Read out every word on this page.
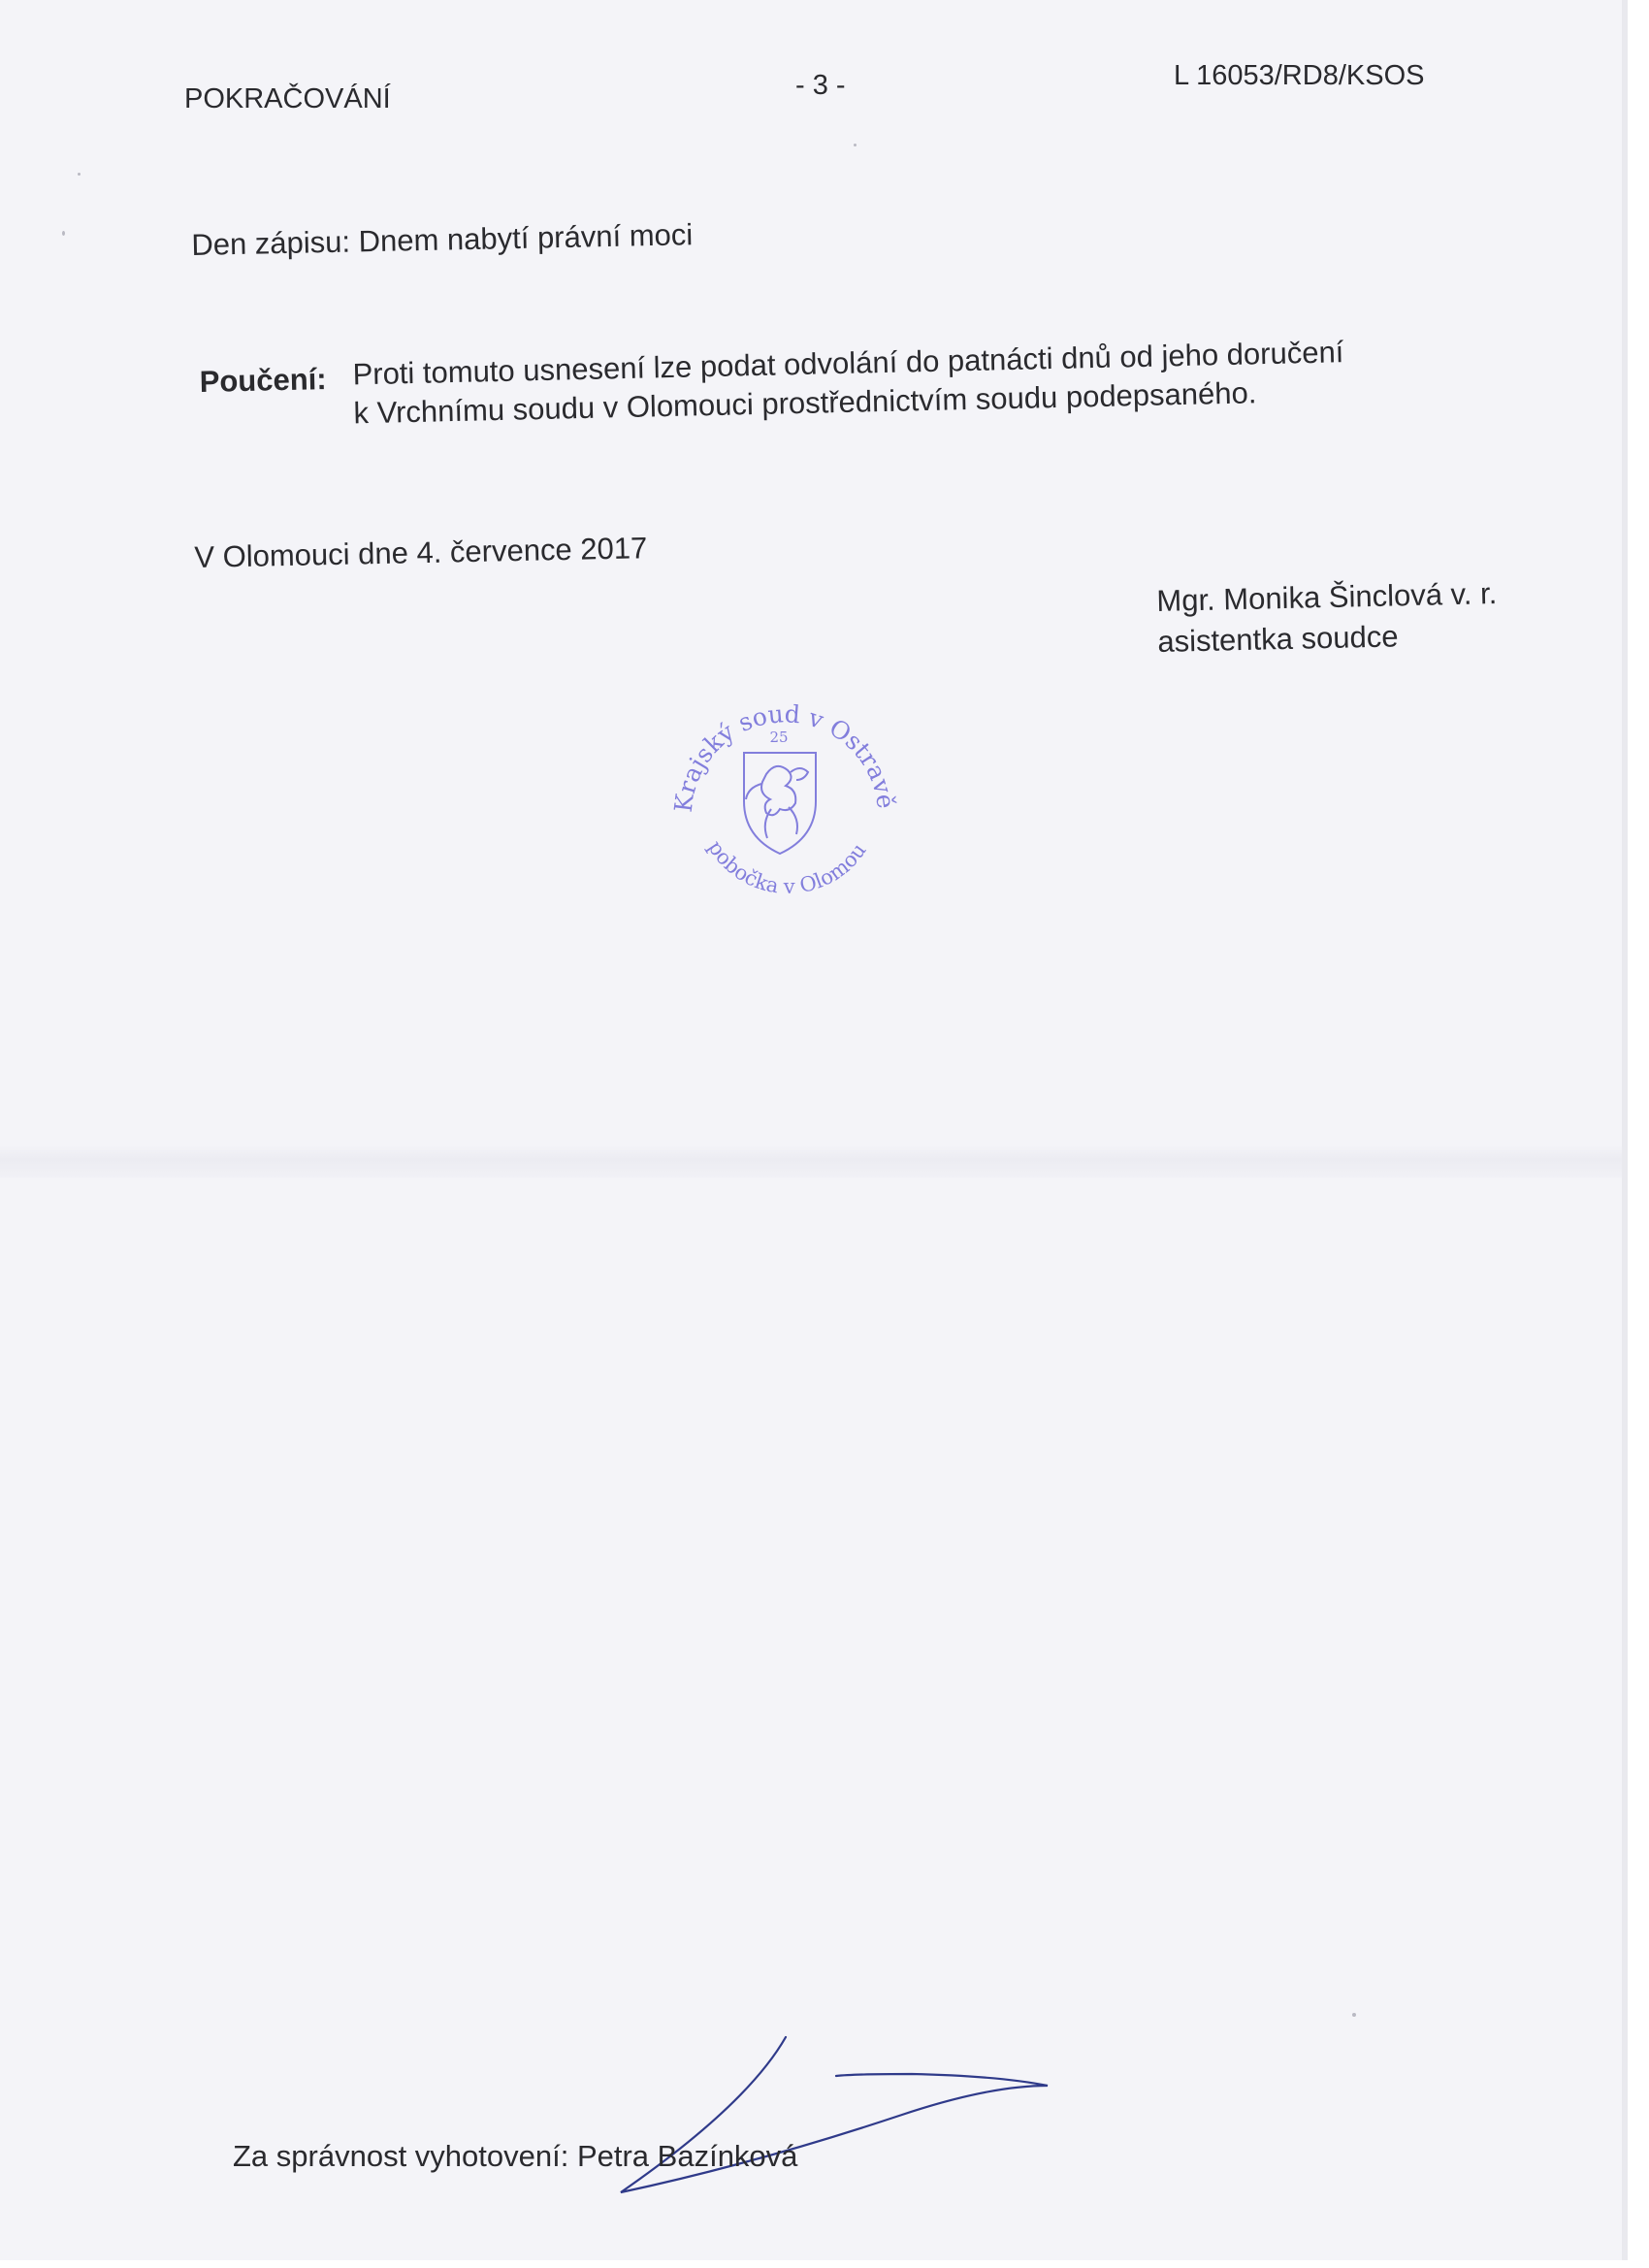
POKRAČOVÁNÍ	- 3 -	L 16053/RD8/KSOS
Den zápisu: Dnem nabytí právní moci
Poučení: Proti tomuto usnesení lze podat odvolání do patnácti dnů od jeho doručení
k Vrchnímu soudu v Olomouci prostřednictvím soudu podepsaného.
V Olomouci dne 4. července 2017
Mgr. Monika Šinclová v. r.
asistentka soudce
Krajský soud v Ostravě
pobočka v Olomou
25
Za správnost vyhotovení: Petra Bazínková
